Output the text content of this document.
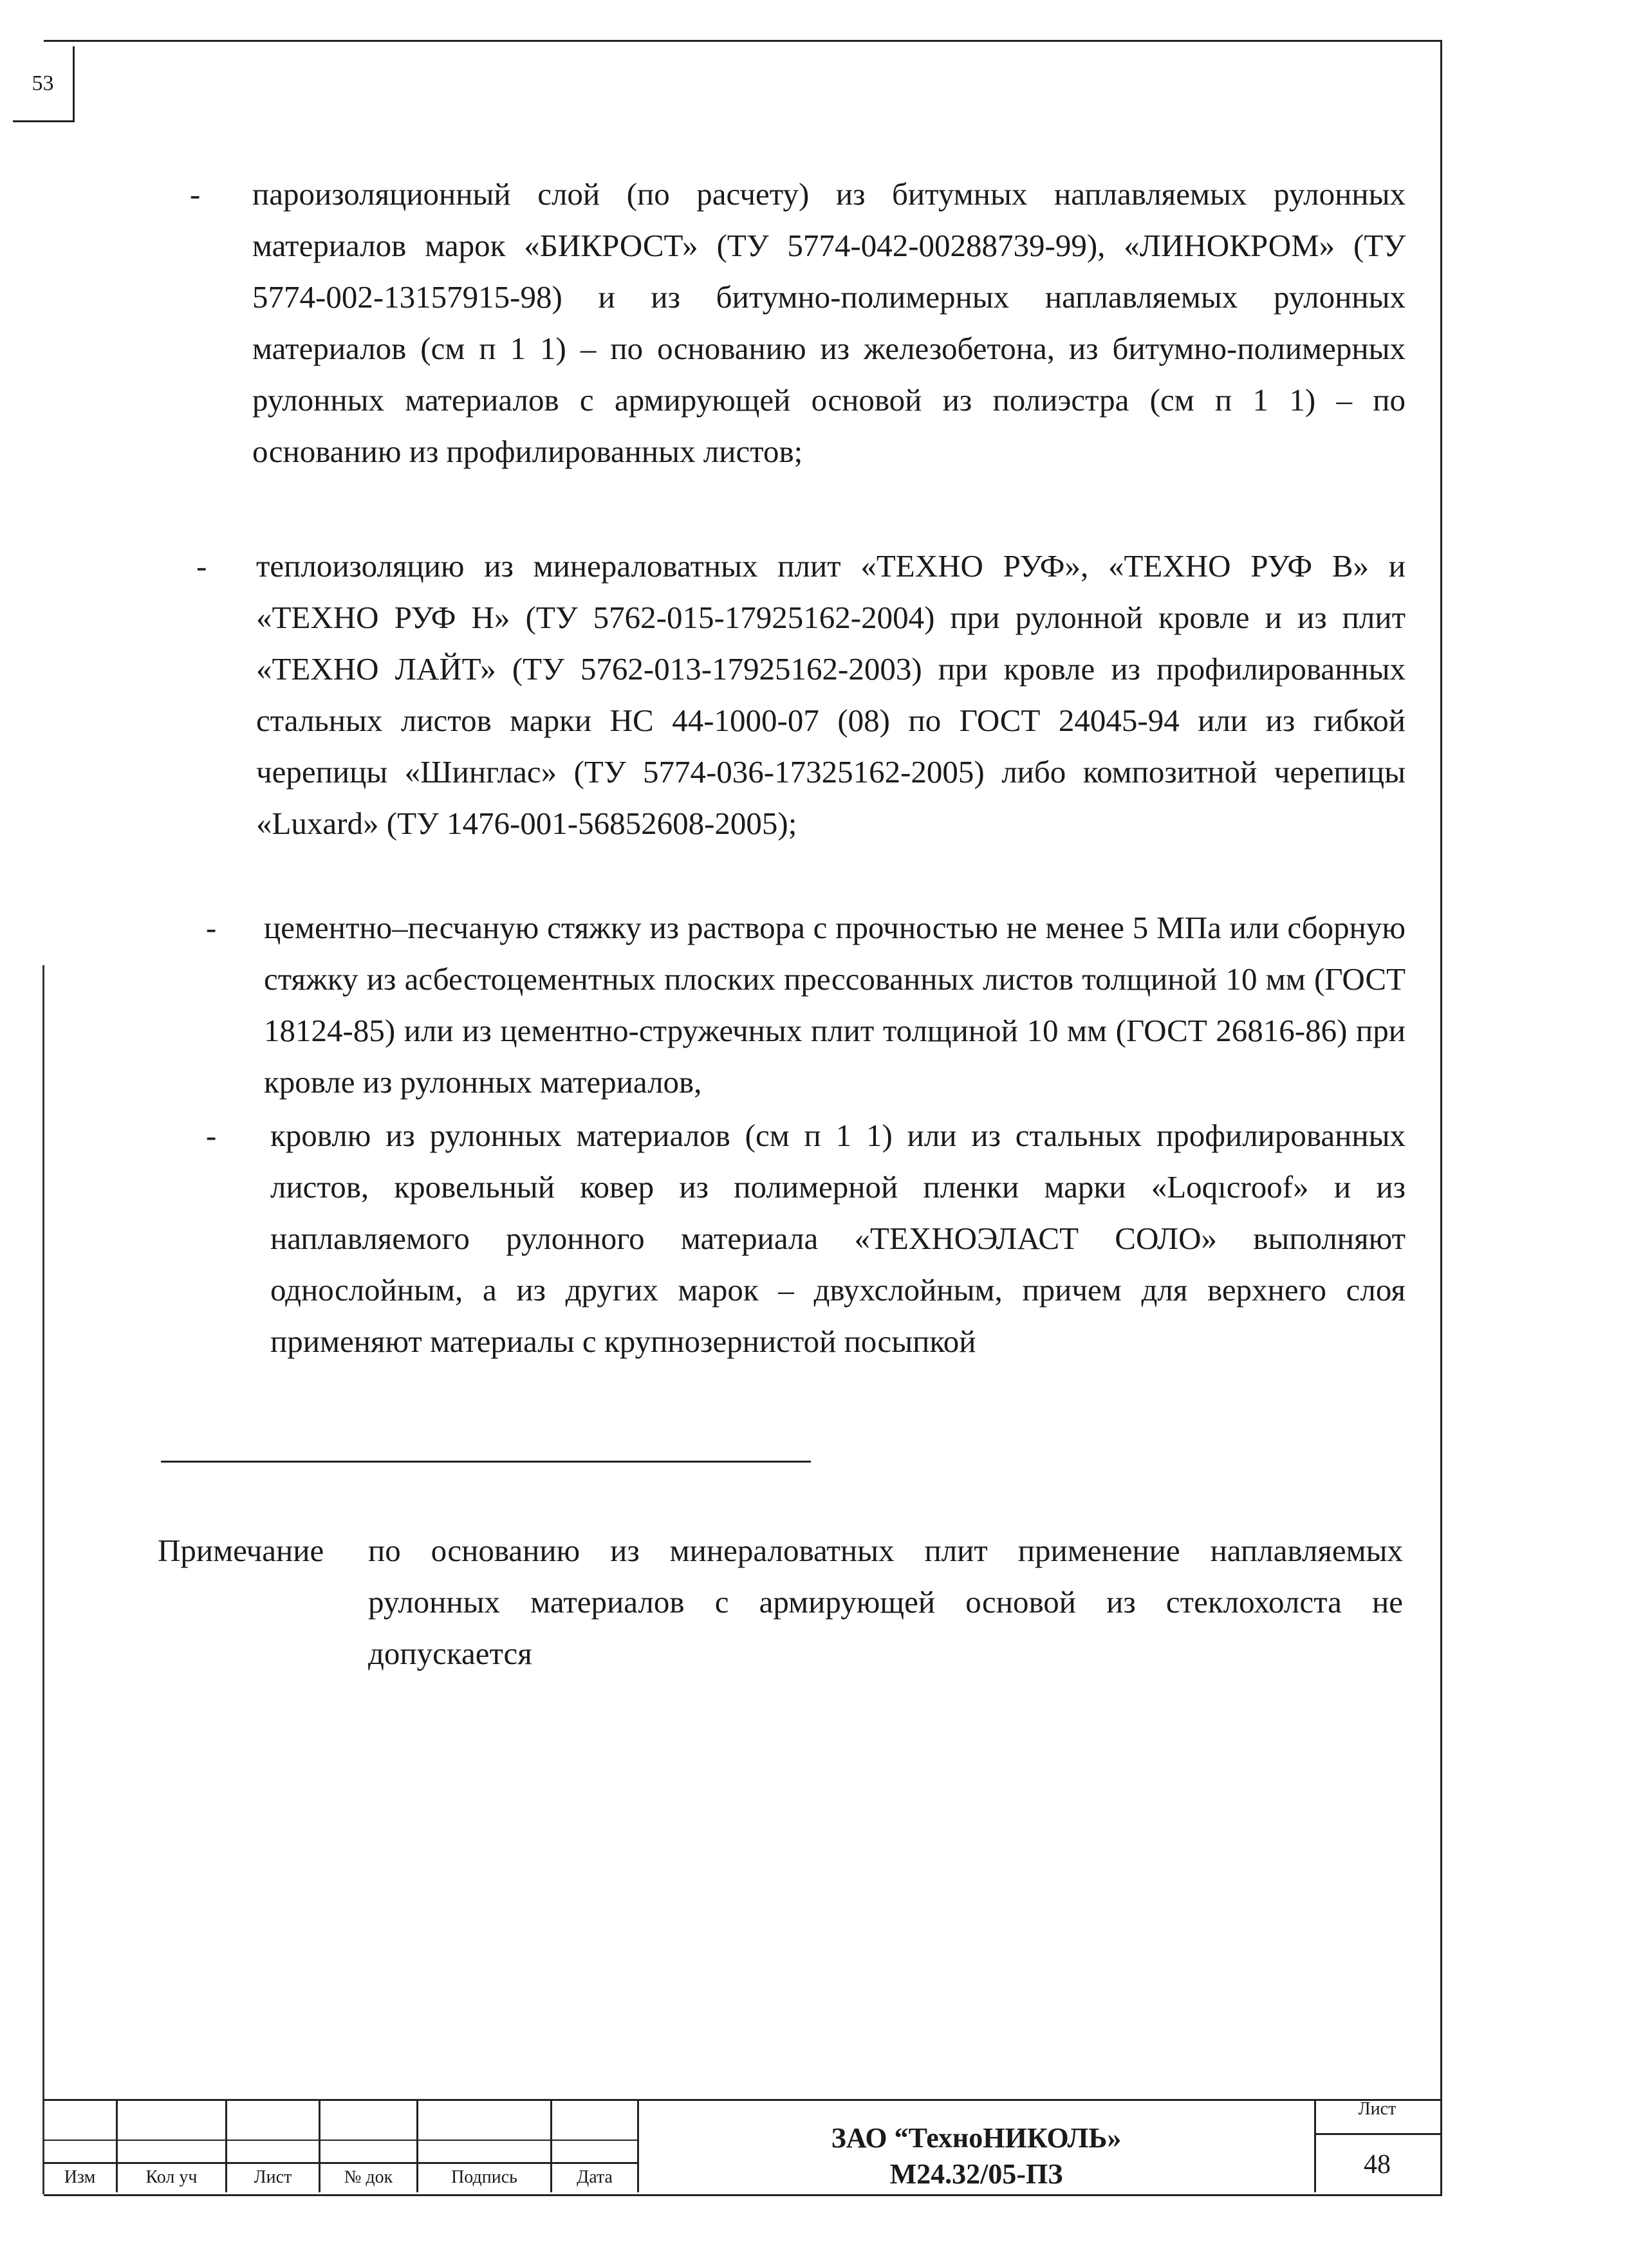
53
- пароизоляционный слой (по расчету) из битумных наплавляемых рулонных материалов марок «БИКРОСТ» (ТУ 5774-042-00288739-99), «ЛИНОКРОМ» (ТУ 5774-002-13157915-98) и из битумно-полимерных наплавляемых рулонных материалов (см п 1 1) – по основанию из железобетона, из битумно-полимерных рулонных материалов с армирующей основой из полиэстра (см п 1 1) – по основанию из профилированных листов;
- теплоизоляцию из минераловатных плит «ТЕХНО РУФ», «ТЕХНО РУФ В» и «ТЕХНО РУФ Н» (ТУ 5762-015-17925162-2004) при рулонной кровле и из плит «ТЕХНО ЛАЙТ» (ТУ 5762-013-17925162-2003) при кровле из профилированных стальных листов марки НС 44-1000-07 (08) по ГОСТ 24045-94 или из гибкой черепицы «Шинглас» (ТУ 5774-036-17325162-2005) либо композитной черепицы «Luxard» (ТУ 1476-001-56852608-2005);
- цементно–песчаную стяжку из раствора с прочностью не менее 5 МПа или сборную стяжку из асбестоцементных плоских прессованных листов толщиной 10 мм (ГОСТ 18124-85) или из цементно-стружечных плит толщиной 10 мм (ГОСТ 26816-86) при кровле из рулонных материалов,
- кровлю из рулонных материалов (см п 1 1) или из стальных профилированных листов, кровельный ковер из полимерной пленки марки «Loqıcroof» и из наплавляемого рулонного материала «ТЕХНОЭЛАСТ СОЛО» выполняют однослойным, а из других марок – двухслойным, причем для верхнего слоя применяют материалы с крупнозернистой посыпкой
Примечание по основанию из минераловатных плит применение наплавляемых рулонных материалов с армирующей основой из стеклохолста не допускается
Изм	Кол уч	Лист	№ док	Подпись	Дата
ЗАО “ТехноНИКОЛЬ»
М24.32/05-ПЗ
Лист
48
